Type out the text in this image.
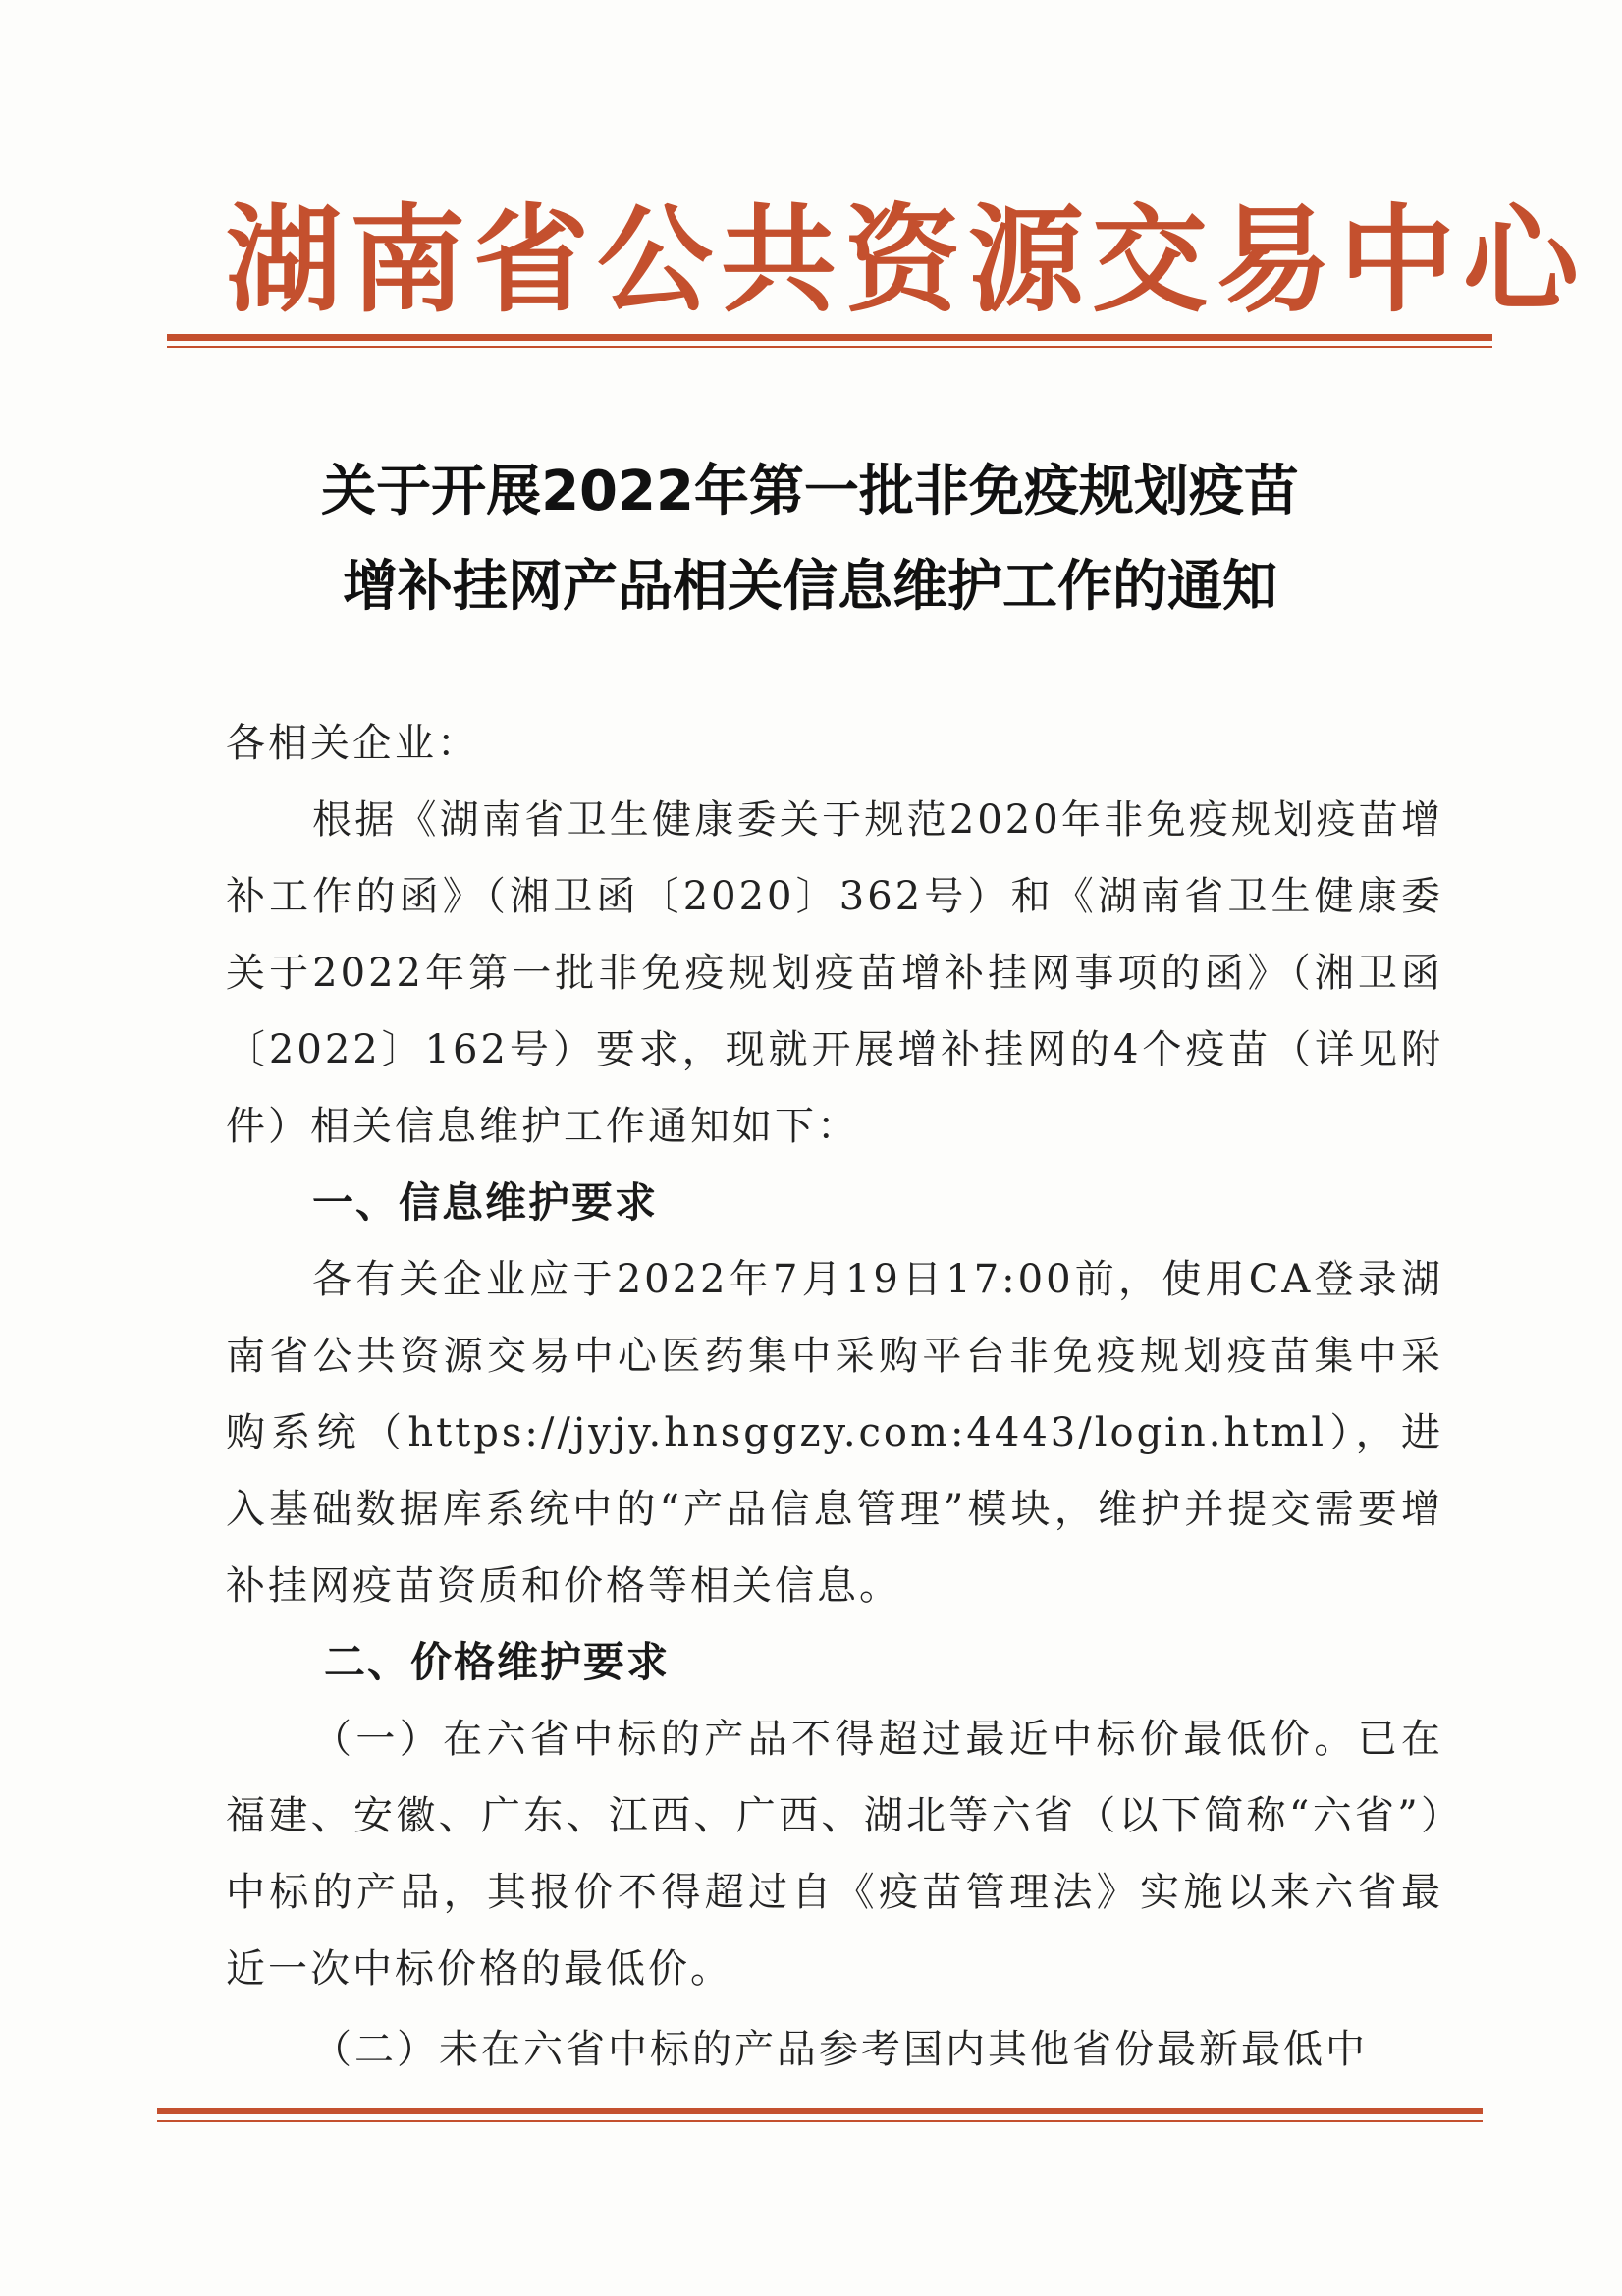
湖南省公共资源交易中心
关于开展2022年第一批非免疫规划疫苗
增补挂网产品相关信息维护工作的通知
各相关企业：

根据《湖南省卫生健康委关于规范2020年非免疫规划疫苗增补工作的函》（湘卫函〔2020〕362号）和《湖南省卫生健康委关于2022年第一批非免疫规划疫苗增补挂网事项的函》（湘卫函〔2022〕162号）要求，现就开展增补挂网的4个疫苗（详见附件）相关信息维护工作通知如下：

一、信息维护要求

各有关企业应于2022年7月19日17:00前，使用CA登录湖南省公共资源交易中心医药集中采购平台非免疫规划疫苗集中采购系统（https://jyjy.hnsggzy.com:4443/login.html），进入基础数据库系统中的“产品信息管理”模块，维护并提交需要增补挂网疫苗资质和价格等相关信息。

二、价格维护要求

（一）在六省中标的产品不得超过最近中标价最低价。已在福建、安徽、广东、江西、广西、湖北等六省（以下简称“六省”）中标的产品，其报价不得超过自《疫苗管理法》实施以来六省最近一次中标价格的最低价。

（二）未在六省中标的产品参考国内其他省份最新最低中
